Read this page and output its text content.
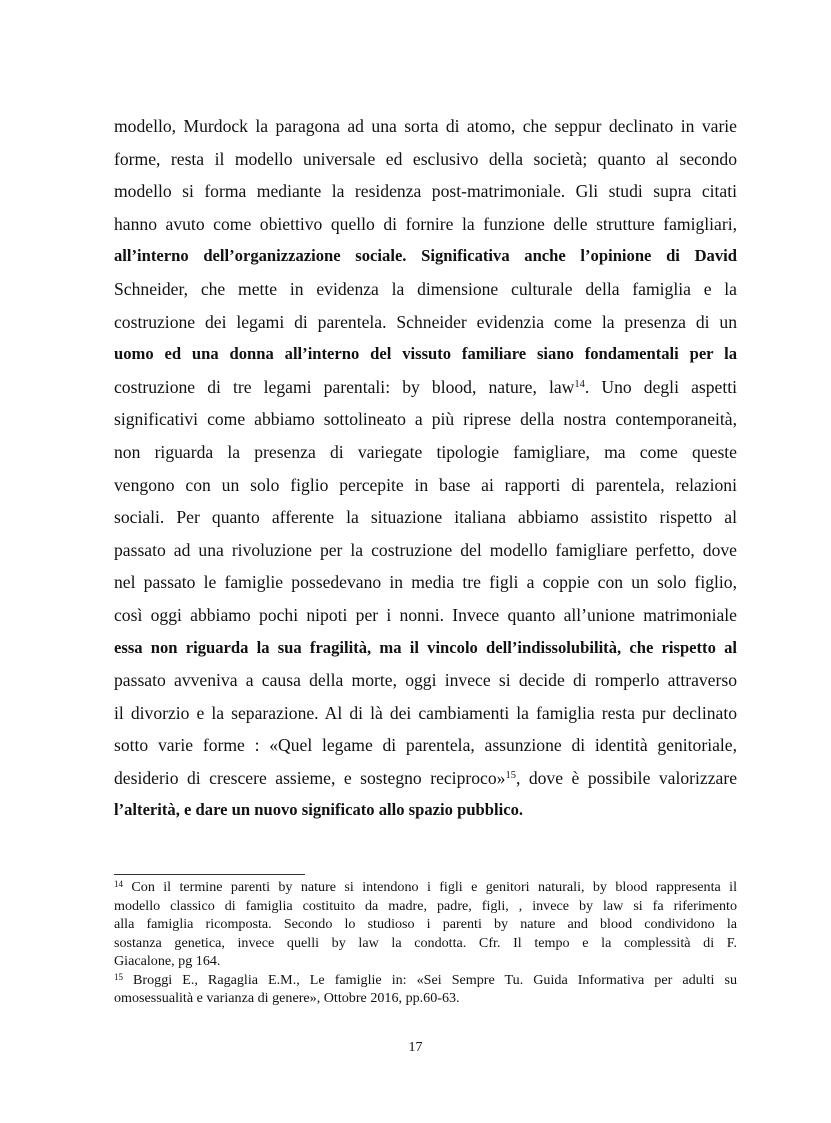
modello, Murdock la paragona ad una sorta di atomo, che seppur declinato in varie
forme, resta il modello universale ed esclusivo della società; quanto al secondo
modello si forma mediante la residenza post-matrimoniale. Gli studi supra citati
hanno avuto come obiettivo quello di fornire la funzione delle strutture famigliari,
all’interno dell’organizzazione sociale. Significativa anche l’opinione di David
Schneider, che mette in evidenza la dimensione culturale della famiglia e la
costruzione dei legami di parentela. Schneider evidenzia come la presenza di un
uomo ed una donna all’interno del vissuto familiare siano fondamentali per la
costruzione di tre legami parentali: by blood, nature, law$^{14}$. Uno degli aspetti
significativi come abbiamo sottolineato a più riprese della nostra contemporaneità,
non riguarda la presenza di variegate tipologie famigliare, ma come queste
vengono con un solo figlio percepite in base ai rapporti di parentela, relazioni
sociali. Per quanto afferente la situazione italiana abbiamo assistito rispetto al
passato ad una rivoluzione per la costruzione del modello famigliare perfetto, dove
nel passato le famiglie possedevano in media tre figli a coppie con un solo figlio,
così oggi abbiamo pochi nipoti per i nonni. Invece quanto all’unione matrimoniale
essa non riguarda la sua fragilità, ma il vincolo dell’indissolubilità, che rispetto al
passato avveniva a causa della morte, oggi invece si decide di romperlo attraverso
il divorzio e la separazione. Al di là dei cambiamenti la famiglia resta pur declinato
sotto varie forme : «Quel legame di parentela, assunzione di identità genitoriale,
desiderio di crescere assieme, e sostegno reciproco»$^{15}$, dove è possibile valorizzare
l’alterità, e dare un nuovo significato allo spazio pubblico.
$^{14}$ Con il termine parenti by nature si intendono i figli e genitori naturali, by blood rappresenta il
modello classico di famiglia costituito da madre, padre, figli, , invece by law si fa riferimento
alla famiglia ricomposta. Secondo lo studioso i parenti by nature and blood condividono la
sostanza genetica, invece quelli by law la condotta. Cfr. Il tempo e la complessità di F.
Giacalone, pg 164.
$^{15}$ Broggi E., Ragaglia E.M., Le famiglie in: «Sei Sempre Tu. Guida Informativa per adulti su
omosessualità e varianza di genere», Ottobre 2016, pp.60-63.
17
